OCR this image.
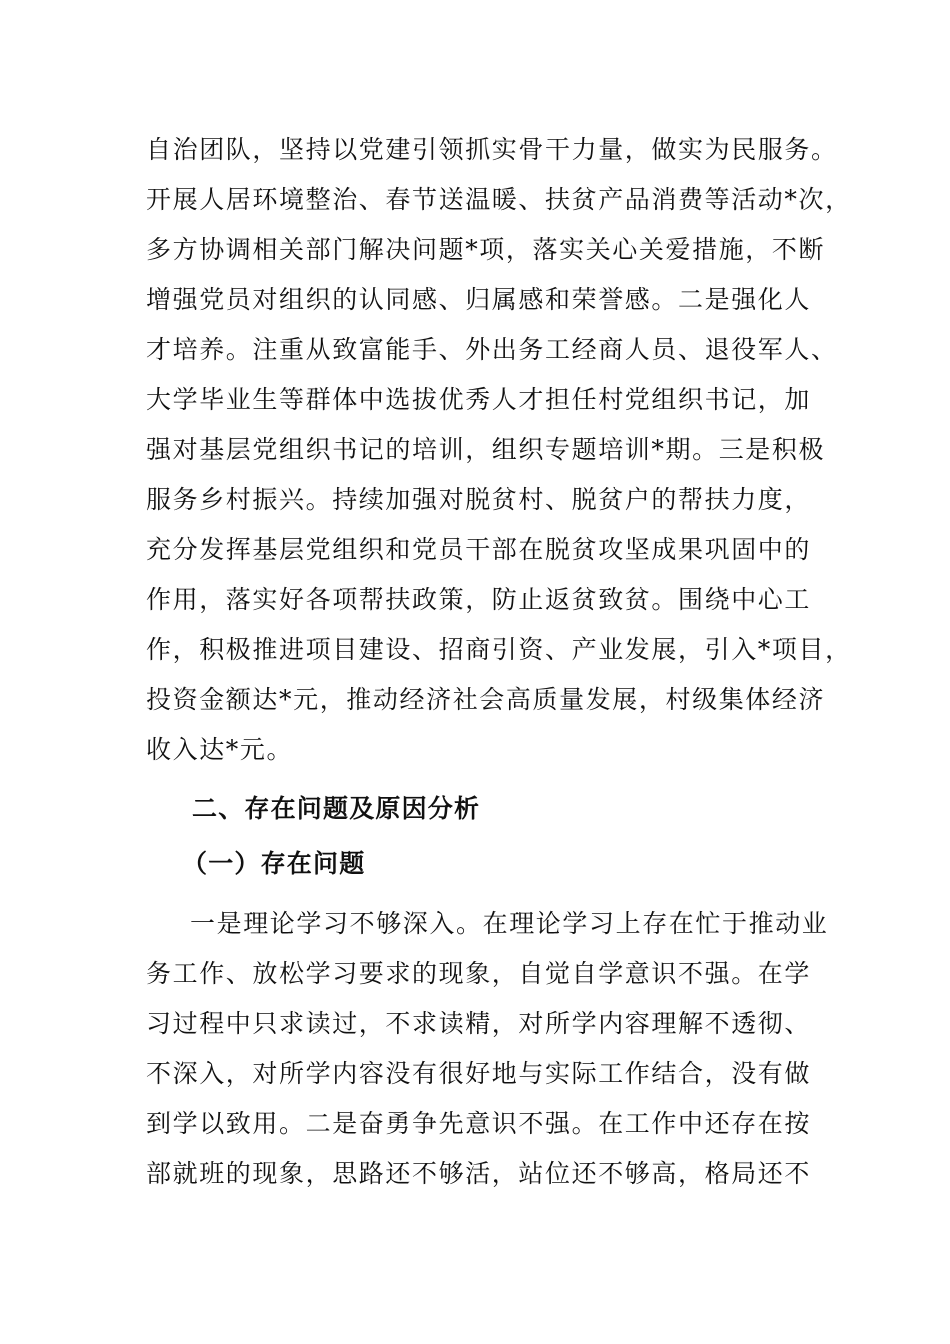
自治团队，坚持以党建引领抓实骨干力量，做实为民服务。
开展人居环境整治、春节送温暖、扶贫产品消费等活动*次，
多方协调相关部门解决问题*项，落实关心关爱措施，不断
增强党员对组织的认同感、归属感和荣誉感。二是强化人
才培养。注重从致富能手、外出务工经商人员、退役军人、
大学毕业生等群体中选拔优秀人才担任村党组织书记，加
强对基层党组织书记的培训，组织专题培训*期。三是积极
服务乡村振兴。持续加强对脱贫村、脱贫户的帮扶力度，
充分发挥基层党组织和党员干部在脱贫攻坚成果巩固中的
作用，落实好各项帮扶政策，防止返贫致贫。围绕中心工
作，积极推进项目建设、招商引资、产业发展，引入*项目，
投资金额达*元，推动经济社会高质量发展，村级集体经济
收入达*元。
二、存在问题及原因分析
（一）存在问题
一是理论学习不够深入。在理论学习上存在忙于推动业
务工作、放松学习要求的现象，自觉自学意识不强。在学
习过程中只求读过，不求读精，对所学内容理解不透彻、
不深入，对所学内容没有很好地与实际工作结合，没有做
到学以致用。二是奋勇争先意识不强。在工作中还存在按
部就班的现象，思路还不够活，站位还不够高，格局还不
